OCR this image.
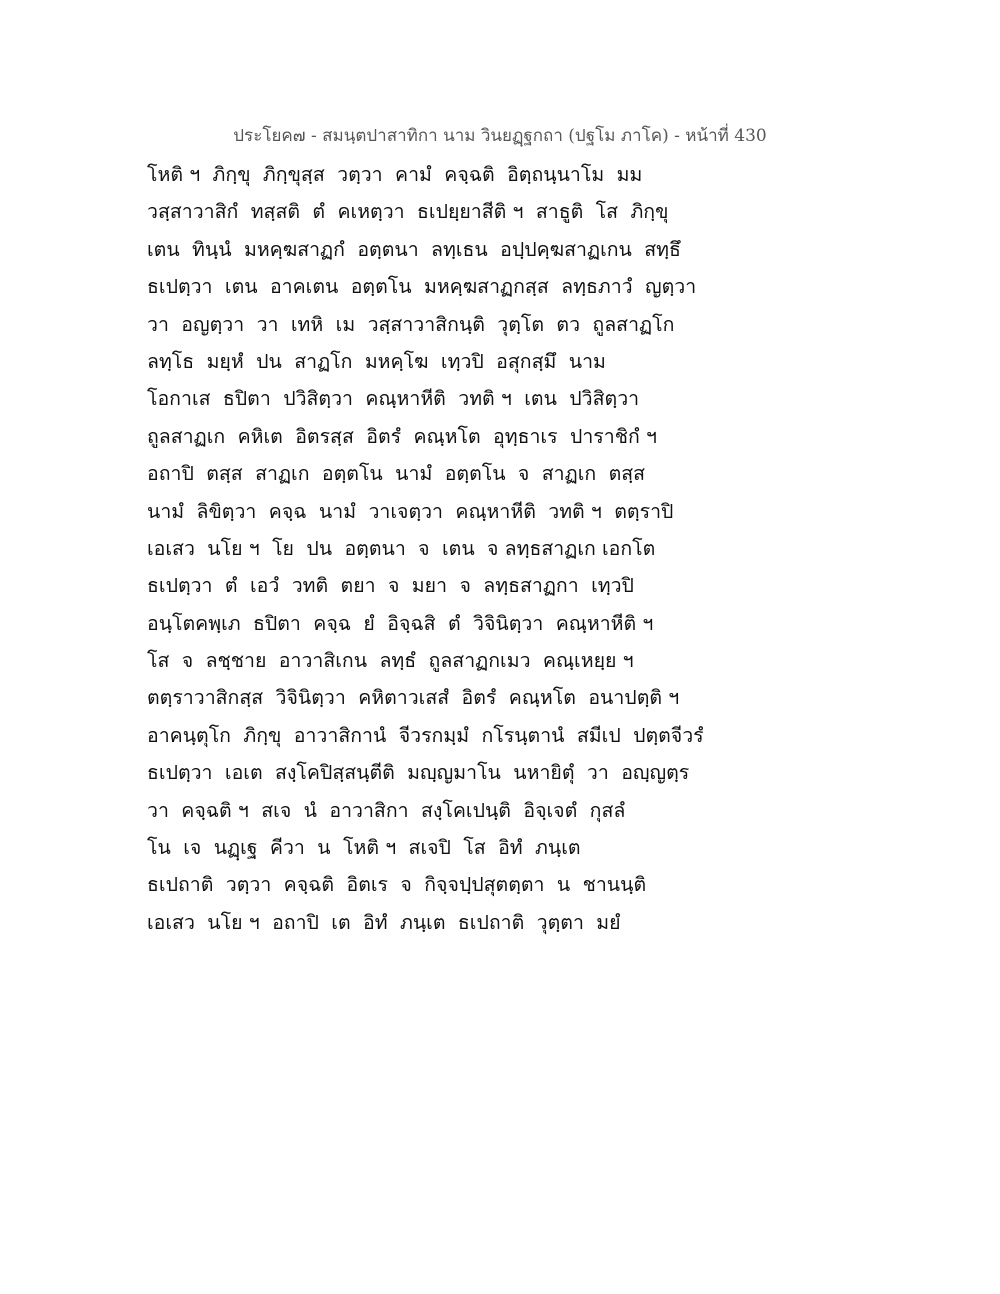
ประโยค๗ - สมนฺตปาสาทิกา นาม วินยฏฺฐกถา (ปฐโม ภาโค) - หน้าที่ 430
โหติ ฯ  ภิกฺขุ  ภิกฺขุสฺส  วตฺวา  คามํ  คจฺฉติ  อิตฺถนฺนาโม  มม
วสฺสาวาสิกํ  ทสฺสติ  ตํ  คเหตฺวา  ธเปยฺยาสีติ ฯ  สาธูติ  โส  ภิกฺขุ
เตน  ทินฺนํ  มหคฺฆสาฏกํ  อตฺตนา  ลทฺเธน  อปฺปคฺฆสาฏเกน  สทฺธึ
ธเปตฺวา  เตน  อาคเตน  อตฺตโน  มหคฺฆสาฏกสฺส  ลทฺธภาวํ  ญตฺวา
วา  อญตฺวา  วา  เทหิ  เม  วสฺสาวาสิกนฺติ  วุตฺโต  ตว  ถูลสาฏโก
ลทฺโธ  มยฺหํ  ปน  สาฏโก  มหคฺโฆ  เทฺวปิ  อสุกสฺมึ  นาม
โอกาเส  ธปิตา  ปวิสิตฺวา  คณฺหาหีติ  วทติ ฯ  เตน  ปวิสิตฺวา
ถูลสาฏเก  คหิเต  อิตรสฺส  อิตรํ  คณฺหโต  อุทฺธาเร  ปาราชิกํ ฯ
อถาปิ  ตสฺส  สาฏเก  อตฺตโน  นามํ  อตฺตโน  จ  สาฏเก  ตสฺส
นามํ  ลิขิตฺวา  คจฺฉ  นามํ  วาเจตฺวา  คณฺหาหีติ  วทติ ฯ  ตตฺราปิ
เอเสว  นโย ฯ  โย  ปน  อตฺตนา  จ  เตน  จ ลทฺธสาฏเก เอกโต
ธเปตฺวา  ตํ  เอวํ  วทติ  ตยา  จ  มยา  จ  ลทฺธสาฏกา  เทฺวปิ
อนฺโตคพฺเภ  ธปิตา  คจฺฉ  ยํ  อิจฺฉสิ  ตํ  วิจินิตฺวา  คณฺหาหีติ ฯ
โส  จ  ลชฺชาย  อาวาสิเกน  ลทฺธํ  ถูลสาฏกเมว  คณฺเหยฺย ฯ
ตตฺราวาสิกสฺส  วิจินิตฺวา  คหิตาวเสสํ  อิตรํ  คณฺหโต  อนาปตฺติ ฯ
อาคนฺตุโก  ภิกฺขุ  อาวาสิกานํ  จีวรกมฺมํ  กโรนฺตานํ  สมีเป  ปตฺตจีวรํ
ธเปตฺวา  เอเต  สงฺโคปิสฺสนฺตีติ  มญฺญมาโน  นหายิตุํ  วา  อญฺญตฺร
วา  คจฺฉติ ฯ  สเจ  นํ  อาวาสิกา  สงฺโคเปนฺติ  อิจฺเจตํ  กุสลํ
โน  เจ  นฏฺเฐ  คีวา  น  โหติ ฯ  สเจปิ  โส  อิทํ  ภนฺเต
ธเปถาติ  วตฺวา  คจฺฉติ  อิตเร  จ  กิจฺจปฺปสุตตฺตา  น  ชานนฺติ
เอเสว  นโย ฯ  อถาปิ  เต  อิทํ  ภนฺเต  ธเปถาติ  วุตฺตา  มยํ
